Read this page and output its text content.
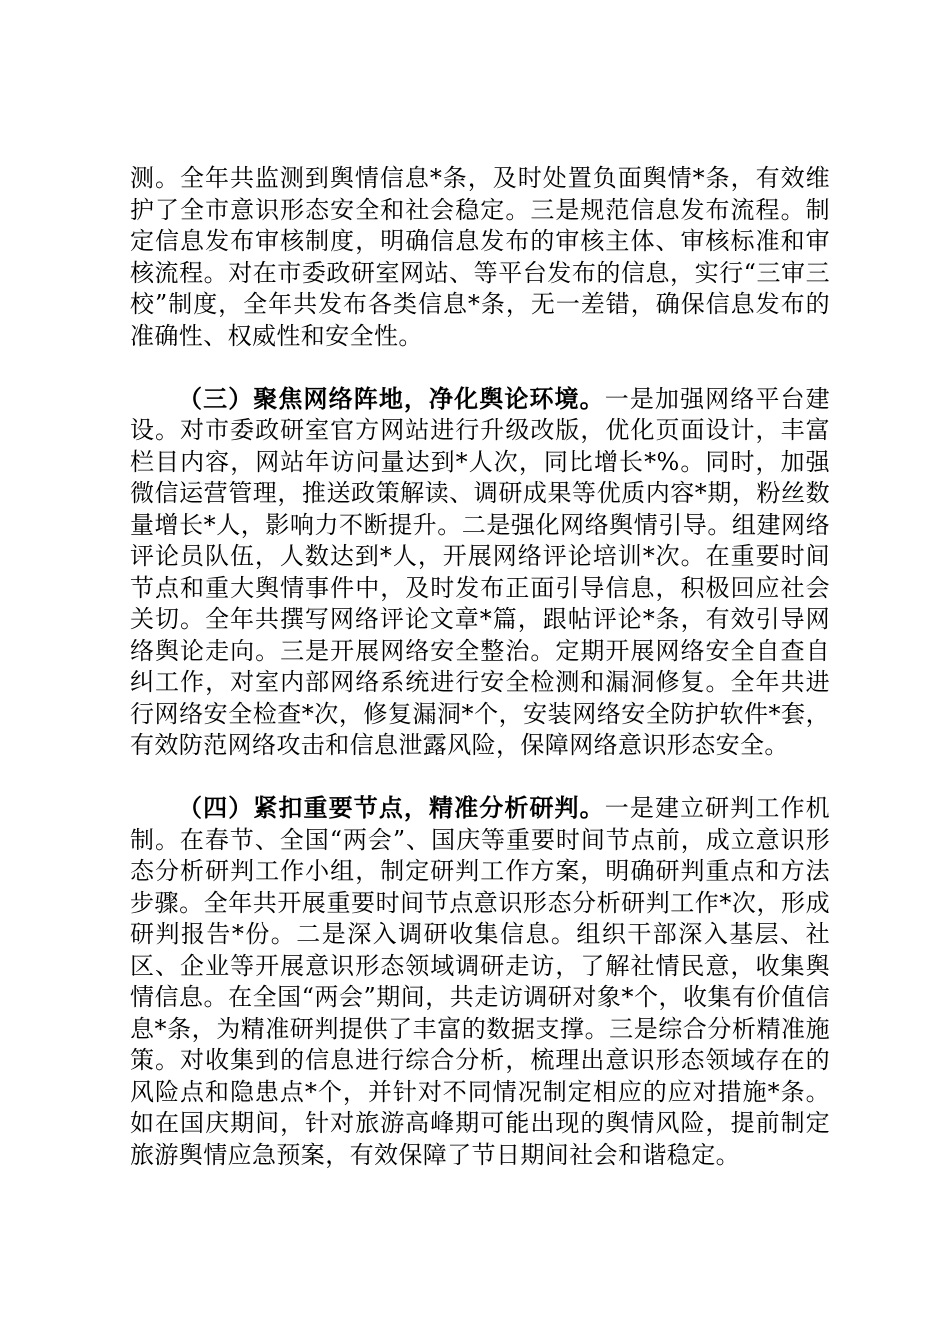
测。全年共监测到舆情信息*条，及时处置负面舆情*条，有效维护了全市意识形态安全和社会稳定。三是规范信息发布流程。制定信息发布审核制度，明确信息发布的审核主体、审核标准和审核流程。对在市委政研室网站、等平台发布的信息，实行“三审三校”制度，全年共发布各类信息*条，无一差错，确保信息发布的准确性、权威性和安全性。

（三）聚焦网络阵地，净化舆论环境。一是加强网络平台建设。对市委政研室官方网站进行升级改版，优化页面设计，丰富栏目内容，网站年访问量达到*人次，同比增长*%。同时，加强微信运营管理，推送政策解读、调研成果等优质内容*期，粉丝数量增长*人，影响力不断提升。二是强化网络舆情引导。组建网络评论员队伍，人数达到*人，开展网络评论培训*次。在重要时间节点和重大舆情事件中，及时发布正面引导信息，积极回应社会关切。全年共撰写网络评论文章*篇，跟帖评论*条，有效引导网络舆论走向。三是开展网络安全整治。定期开展网络安全自查自纠工作，对室内部网络系统进行安全检测和漏洞修复。全年共进行网络安全检查*次，修复漏洞*个，安装网络安全防护软件*套，有效防范网络攻击和信息泄露风险，保障网络意识形态安全。

（四）紧扣重要节点，精准分析研判。一是建立研判工作机制。在春节、全国“两会”、国庆等重要时间节点前，成立意识形态分析研判工作小组，制定研判工作方案，明确研判重点和方法步骤。全年共开展重要时间节点意识形态分析研判工作*次，形成研判报告*份。二是深入调研收集信息。组织干部深入基层、社区、企业等开展意识形态领域调研走访，了解社情民意，收集舆情信息。在全国“两会”期间，共走访调研对象*个，收集有价值信息*条，为精准研判提供了丰富的数据支撑。三是综合分析精准施策。对收集到的信息进行综合分析，梳理出意识形态领域存在的风险点和隐患点*个，并针对不同情况制定相应的应对措施*条。如在国庆期间，针对旅游高峰期可能出现的舆情风险，提前制定旅游舆情应急预案，有效保障了节日期间社会和谐稳定。
